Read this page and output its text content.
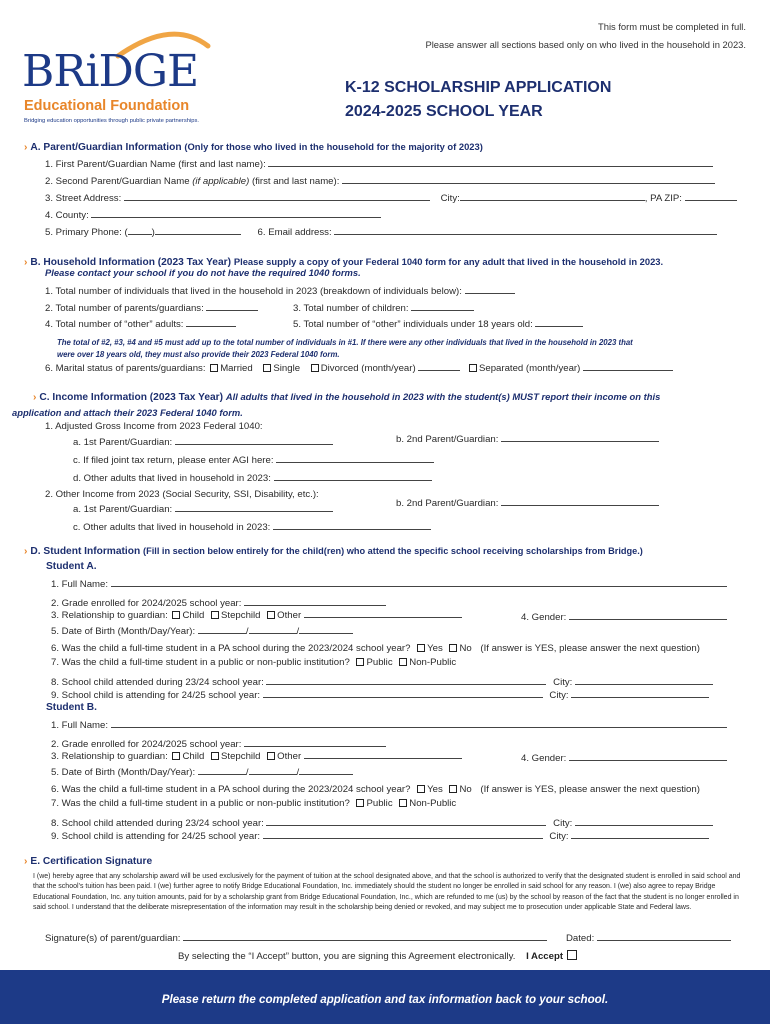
This form must be completed in full.
Please answer all sections based only on who lived in the household in 2023.
BRiDGE
Educational Foundation
Bridging education opportunities through public private partnerships.
K-12 SCHOLARSHIP APPLICATION
2024-2025 SCHOOL YEAR
› A. Parent/Guardian Information (Only for those who lived in the household for the majority of 2023)
1. First Parent/Guardian Name (first and last name):
2. Second Parent/Guardian Name (if applicable) (first and last name):
3. Street Address:	City:	, PA ZIP:
4. County:
5. Primary Phone: (	)	6. Email address:
› B. Household Information (2023 Tax Year) Please supply a copy of your Federal 1040 form for any adult that lived in the household in 2023.
Please contact your school if you do not have the required 1040 forms.
1. Total number of individuals that lived in the household in 2023 (breakdown of individuals below):
2. Total number of parents/guardians:	3. Total number of children:
4. Total number of “other” adults:	5. Total number of “other” individuals under 18 years old:
The total of #2, #3, #4 and #5 must add up to the total number of individuals in #1. If there were any other individuals that lived in the household in 2023 that
were over 18 years old, they must also provide their 2023 Federal 1040 form.
6. Marital status of parents/guardians: Married Single Divorced (month/year)	Separated (month/year)
› C. Income Information (2023 Tax Year) All adults that lived in the household in 2023 with the student(s) MUST report their income on this
application and attach their 2023 Federal 1040 form.
1. Adjusted Gross Income from 2023 Federal 1040:
a. 1st Parent/Guardian:	b. 2nd Parent/Guardian:
c. If filed joint tax return, please enter AGI here:
d. Other adults that lived in household in 2023:
2. Other Income from 2023 (Social Security, SSI, Disability, etc.):
a. 1st Parent/Guardian:
b. 2nd Parent/Guardian:
c. Other adults that lived in household in 2023:
› D. Student Information (Fill in section below entirely for the child(ren) who attend the specific school receiving scholarships from Bridge.)
Student A.
1. Full Name:
2. Grade enrolled for 2024/2025 school year:
3. Relationship to guardian: Child Stepchild Other	4. Gender:
5. Date of Birth (Month/Day/Year):	/	/
6. Was the child a full-time student in a PA school during the 2023/2024 school year? Yes No (If answer is YES, please answer the next question)
7. Was the child a full-time student in a public or non-public institution? Public Non-Public
8. School child attended during 23/24 school year:	City:
9. School child is attending for 24/25 school year:	City:
Student B.
1. Full Name:
2. Grade enrolled for 2024/2025 school year:
3. Relationship to guardian: Child Stepchild Other	4. Gender:
5. Date of Birth (Month/Day/Year):	/	/
6. Was the child a full-time student in a PA school during the 2023/2024 school year? Yes No (If answer is YES, please answer the next question)
7. Was the child a full-time student in a public or non-public institution? Public Non-Public
8. School child attended during 23/24 school year:	City:
9. School child is attending for 24/25 school year:	City:
› E. Certification Signature
I (we) hereby agree that any scholarship award will be used exclusively for the payment of tuition at the school designated above, and that the school is authorized to verify that the designated student is enrolled in said school and that the school’s tuition has been paid. I (we) further agree to notify Bridge Educational Foundation, Inc. immediately should the student no longer be enrolled in said school for any reason. I (we) also agree to repay Bridge Educational Foundation, Inc. any tuition amounts, paid for by a scholarship grant from Bridge Educational Foundation, Inc., which are refunded to me (us) by the school by reason of the fact that the student is no longer enrolled in said school. I understand that the deliberate misrepresentation of the information may result in the scholarship being denied or revoked, and may subject me to prosecution under applicable State and Federal laws.
Signature(s) of parent/guardian:	Dated:
By selecting the “I Accept” button, you are signing this Agreement electronically. I Accept
Please return the completed application and tax information back to your school.
